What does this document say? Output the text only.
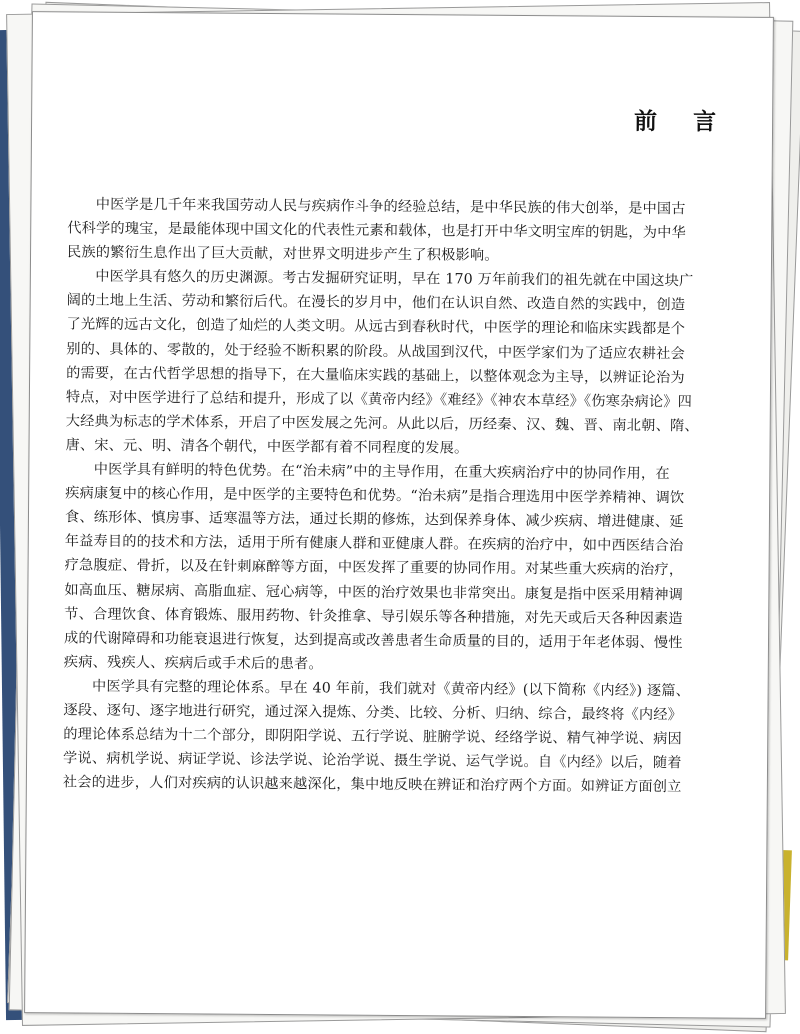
前 言
中医学是几千年来我国劳动人民与疾病作斗争的经验总结，是中华民族的伟大创举，是中国古
代科学的瑰宝，是最能体现中国文化的代表性元素和载体，也是打开中华文明宝库的钥匙，为中华
民族的繁衍生息作出了巨大贡献，对世界文明进步产生了积极影响。
中医学具有悠久的历史渊源。考古发掘研究证明，早在 170 万年前我们的祖先就在中国这块广
阔的土地上生活、劳动和繁衍后代。在漫长的岁月中，他们在认识自然、改造自然的实践中，创造
了光辉的远古文化，创造了灿烂的人类文明。从远古到春秋时代，中医学的理论和临床实践都是个
别的、具体的、零散的，处于经验不断积累的阶段。从战国到汉代，中医学家们为了适应农耕社会
的需要，在古代哲学思想的指导下，在大量临床实践的基础上，以整体观念为主导，以辨证论治为
特点，对中医学进行了总结和提升，形成了以《黄帝内经》《难经》《神农本草经》《伤寒杂病论》四
大经典为标志的学术体系，开启了中医发展之先河。从此以后，历经秦、汉、魏、晋、南北朝、隋、
唐、宋、元、明、清各个朝代，中医学都有着不同程度的发展。
中医学具有鲜明的特色优势。在“治未病”中的主导作用，在重大疾病治疗中的协同作用，在
疾病康复中的核心作用，是中医学的主要特色和优势。“治未病”是指合理选用中医学养精神、调饮
食、练形体、慎房事、适寒温等方法，通过长期的修炼，达到保养身体、减少疾病、增进健康、延
年益寿目的的技术和方法，适用于所有健康人群和亚健康人群。在疾病的治疗中，如中西医结合治
疗急腹症、骨折，以及在针刺麻醉等方面，中医发挥了重要的协同作用。对某些重大疾病的治疗，
如高血压、糖尿病、高脂血症、冠心病等，中医的治疗效果也非常突出。康复是指中医采用精神调
节、合理饮食、体育锻炼、服用药物、针灸推拿、导引娱乐等各种措施，对先天或后天各种因素造
成的代谢障碍和功能衰退进行恢复，达到提高或改善患者生命质量的目的，适用于年老体弱、慢性
疾病、残疾人、疾病后或手术后的患者。
中医学具有完整的理论体系。早在 40 年前，我们就对《黄帝内经》(以下简称《内经》) 逐篇、
逐段、逐句、逐字地进行研究，通过深入提炼、分类、比较、分析、归纳、综合，最终将《内经》
的理论体系总结为十二个部分，即阴阳学说、五行学说、脏腑学说、经络学说、精气神学说、病因
学说、病机学说、病证学说、诊法学说、论治学说、摄生学说、运气学说。自《内经》以后，随着
社会的进步，人们对疾病的认识越来越深化，集中地反映在辨证和治疗两个方面。如辨证方面创立
